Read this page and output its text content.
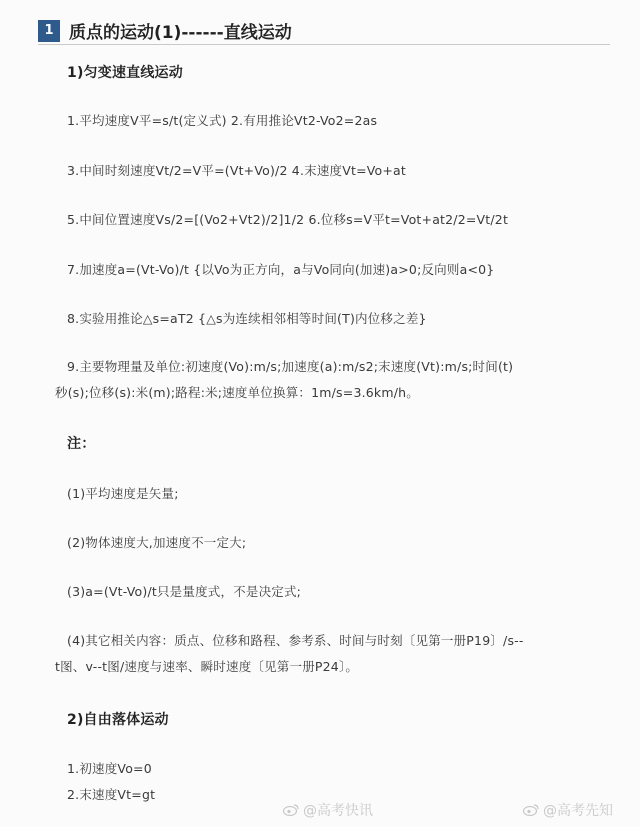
1 质点的运动(1)------直线运动
1)匀变速直线运动
1.平均速度V平=s/t(定义式) 2.有用推论Vt2-Vo2=2as
3.中间时刻速度Vt/2=V平=(Vt+Vo)/2 4.末速度Vt=Vo+at
5.中间位置速度Vs/2=[(Vo2+Vt2)/2]1/2 6.位移s=V平t=Vot+at2/2=Vt/2t
7.加速度a=(Vt-Vo)/t {以Vo为正方向，a与Vo同向(加速)a>0;反向则a<0}
8.实验用推论△s=aT2 {△s为连续相邻相等时间(T)内位移之差}
9.主要物理量及单位:初速度(Vo):m/s;加速度(a):m/s2;末速度(Vt):m/s;时间(t)
秒(s);位移(s):米(m);路程:米;速度单位换算：1m/s=3.6km/h。
注：
(1)平均速度是矢量;
(2)物体速度大,加速度不一定大;
(3)a=(Vt-Vo)/t只是量度式，不是决定式;
(4)其它相关内容：质点、位移和路程、参考系、时间与时刻〔见第一册P19〕/s--
t图、v--t图/速度与速率、瞬时速度〔见第一册P24〕。
2)自由落体运动
1.初速度Vo=0
2.末速度Vt=gt
@高考快讯	@高考先知
